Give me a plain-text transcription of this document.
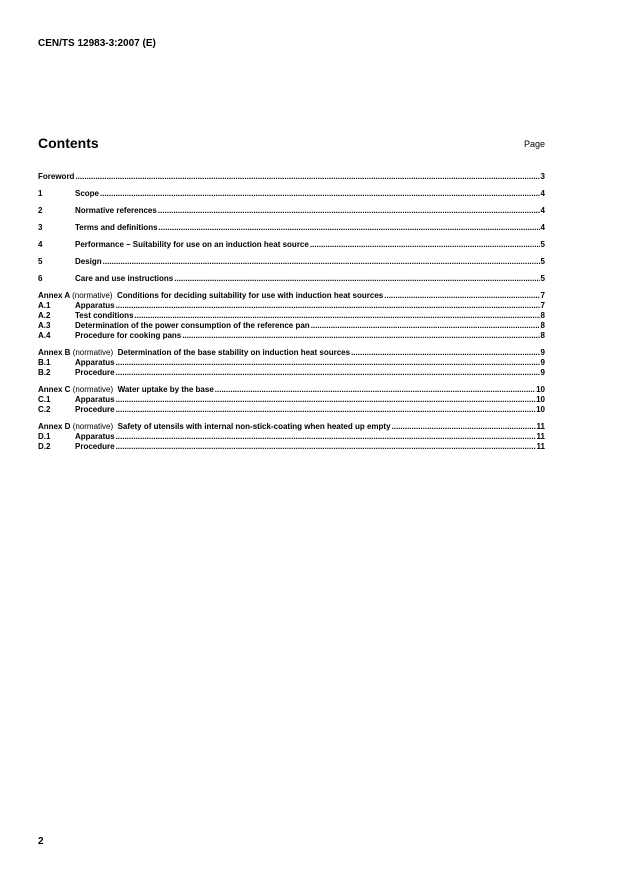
CEN/TS 12983-3:2007 (E)
Contents	Page
Foreword .....	3
1	Scope .....	4
2	Normative references .....	4
3	Terms and definitions .....	4
4	Performance – Suitability for use on an induction heat source .....	5
5	Design .....	5
6	Care and use instructions .....	5
Annex A (normative) Conditions for deciding suitability for use with induction heat sources .....	7
A.1	Apparatus .....	7
A.2	Test conditions .....	8
A.3	Determination of the power consumption of the reference pan .....	8
A.4	Procedure for cooking pans .....	8
Annex B (normative) Determination of the base stability on induction heat sources .....	9
B.1	Apparatus .....	9
B.2	Procedure .....	9
Annex C (normative) Water uptake by the base .....	10
C.1	Apparatus .....	10
C.2	Procedure .....	10
Annex D (normative) Safety of utensils with internal non-stick-coating when heated up empty .....	11
D.1	Apparatus .....	11
D.2	Procedure .....	11
2
